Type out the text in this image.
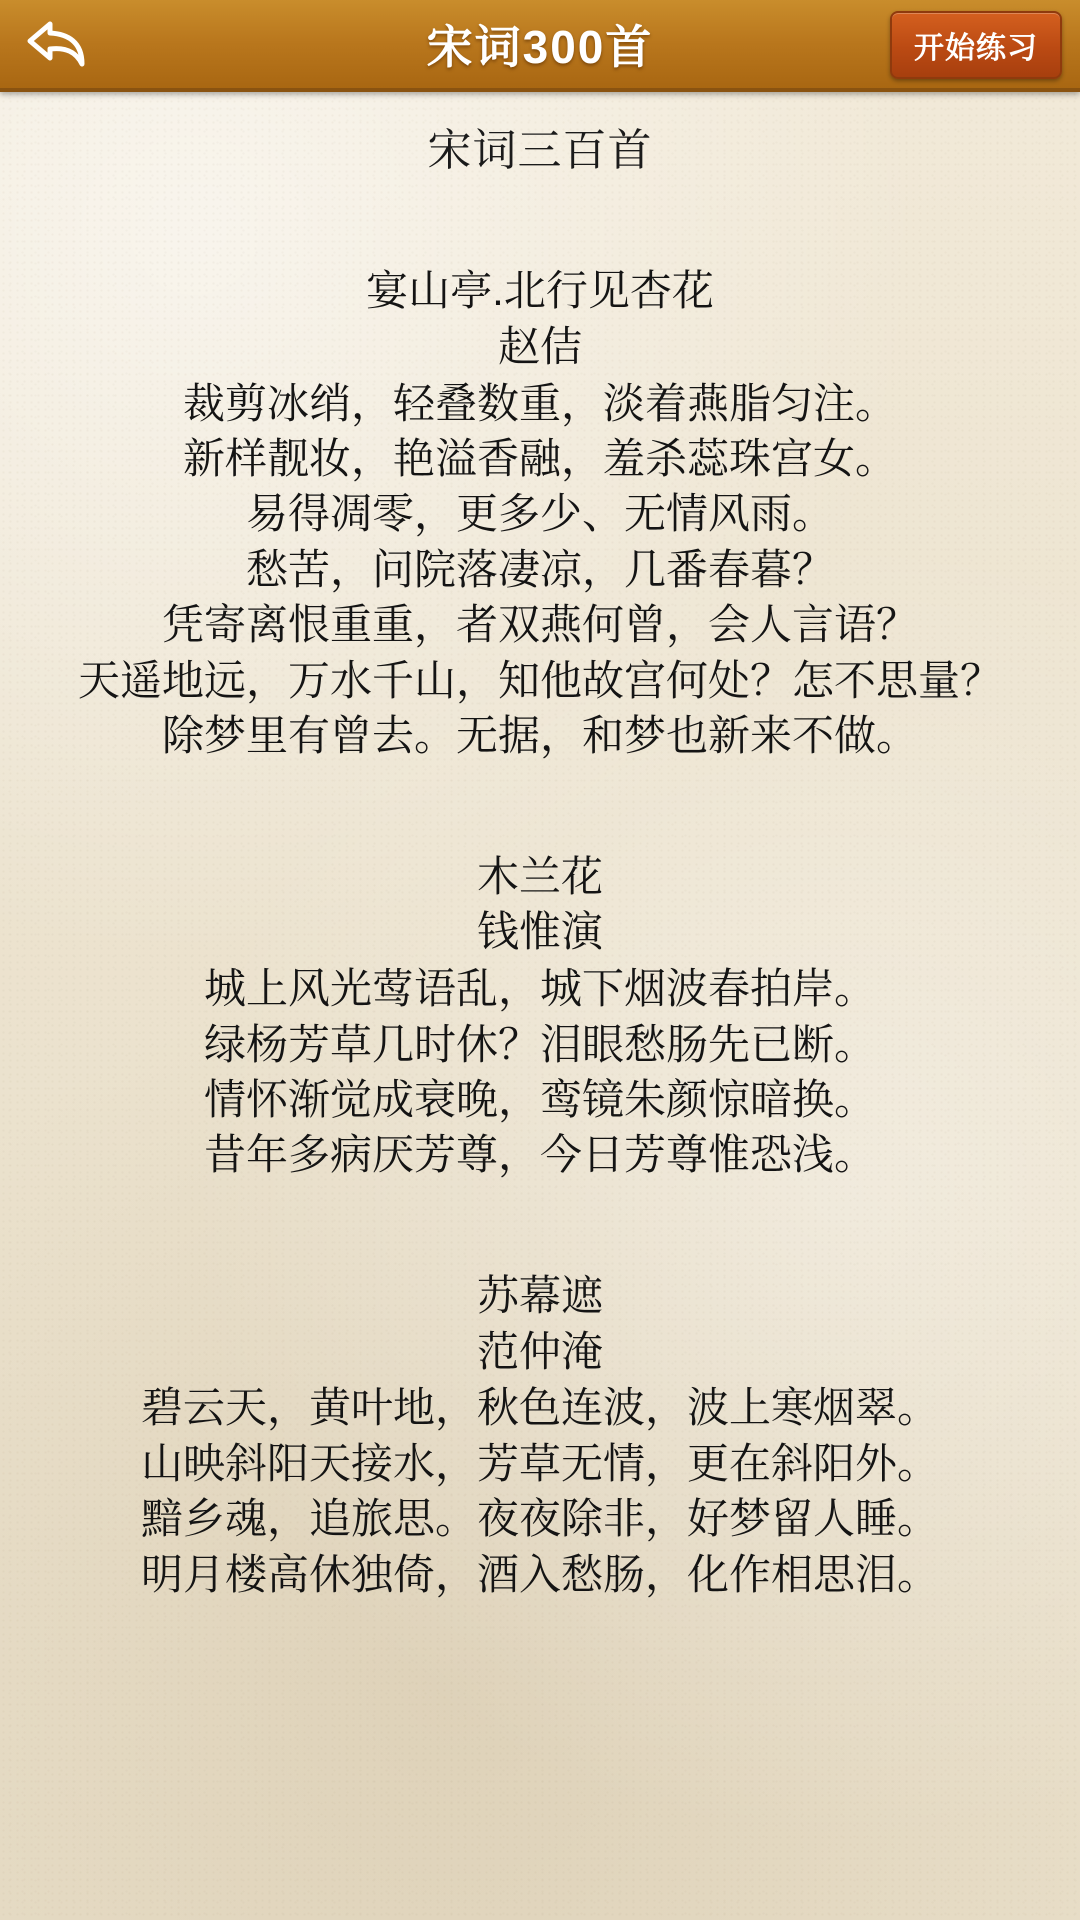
宋词300首	开始练习
宋词三百首
宴山亭.北行见杏花
赵佶
裁剪冰绡，轻叠数重，淡着燕脂匀注。
新样靓妆，艳溢香融，羞杀蕊珠宫女。
易得凋零，更多少、无情风雨。
愁苦，问院落凄凉，几番春暮？
凭寄离恨重重，者双燕何曾，会人言语？
天遥地远，万水千山，知他故宫何处？怎不思量？
除梦里有曾去。无据，和梦也新来不做。
木兰花
钱惟演
城上风光莺语乱，城下烟波春拍岸。
绿杨芳草几时休？泪眼愁肠先已断。
情怀渐觉成衰晚，鸾镜朱颜惊暗换。
昔年多病厌芳尊，今日芳尊惟恐浅。
苏幕遮
范仲淹
碧云天，黄叶地，秋色连波，波上寒烟翠。
山映斜阳天接水，芳草无情，更在斜阳外。
黯乡魂，追旅思。夜夜除非，好梦留人睡。
明月楼高休独倚，酒入愁肠，化作相思泪。
